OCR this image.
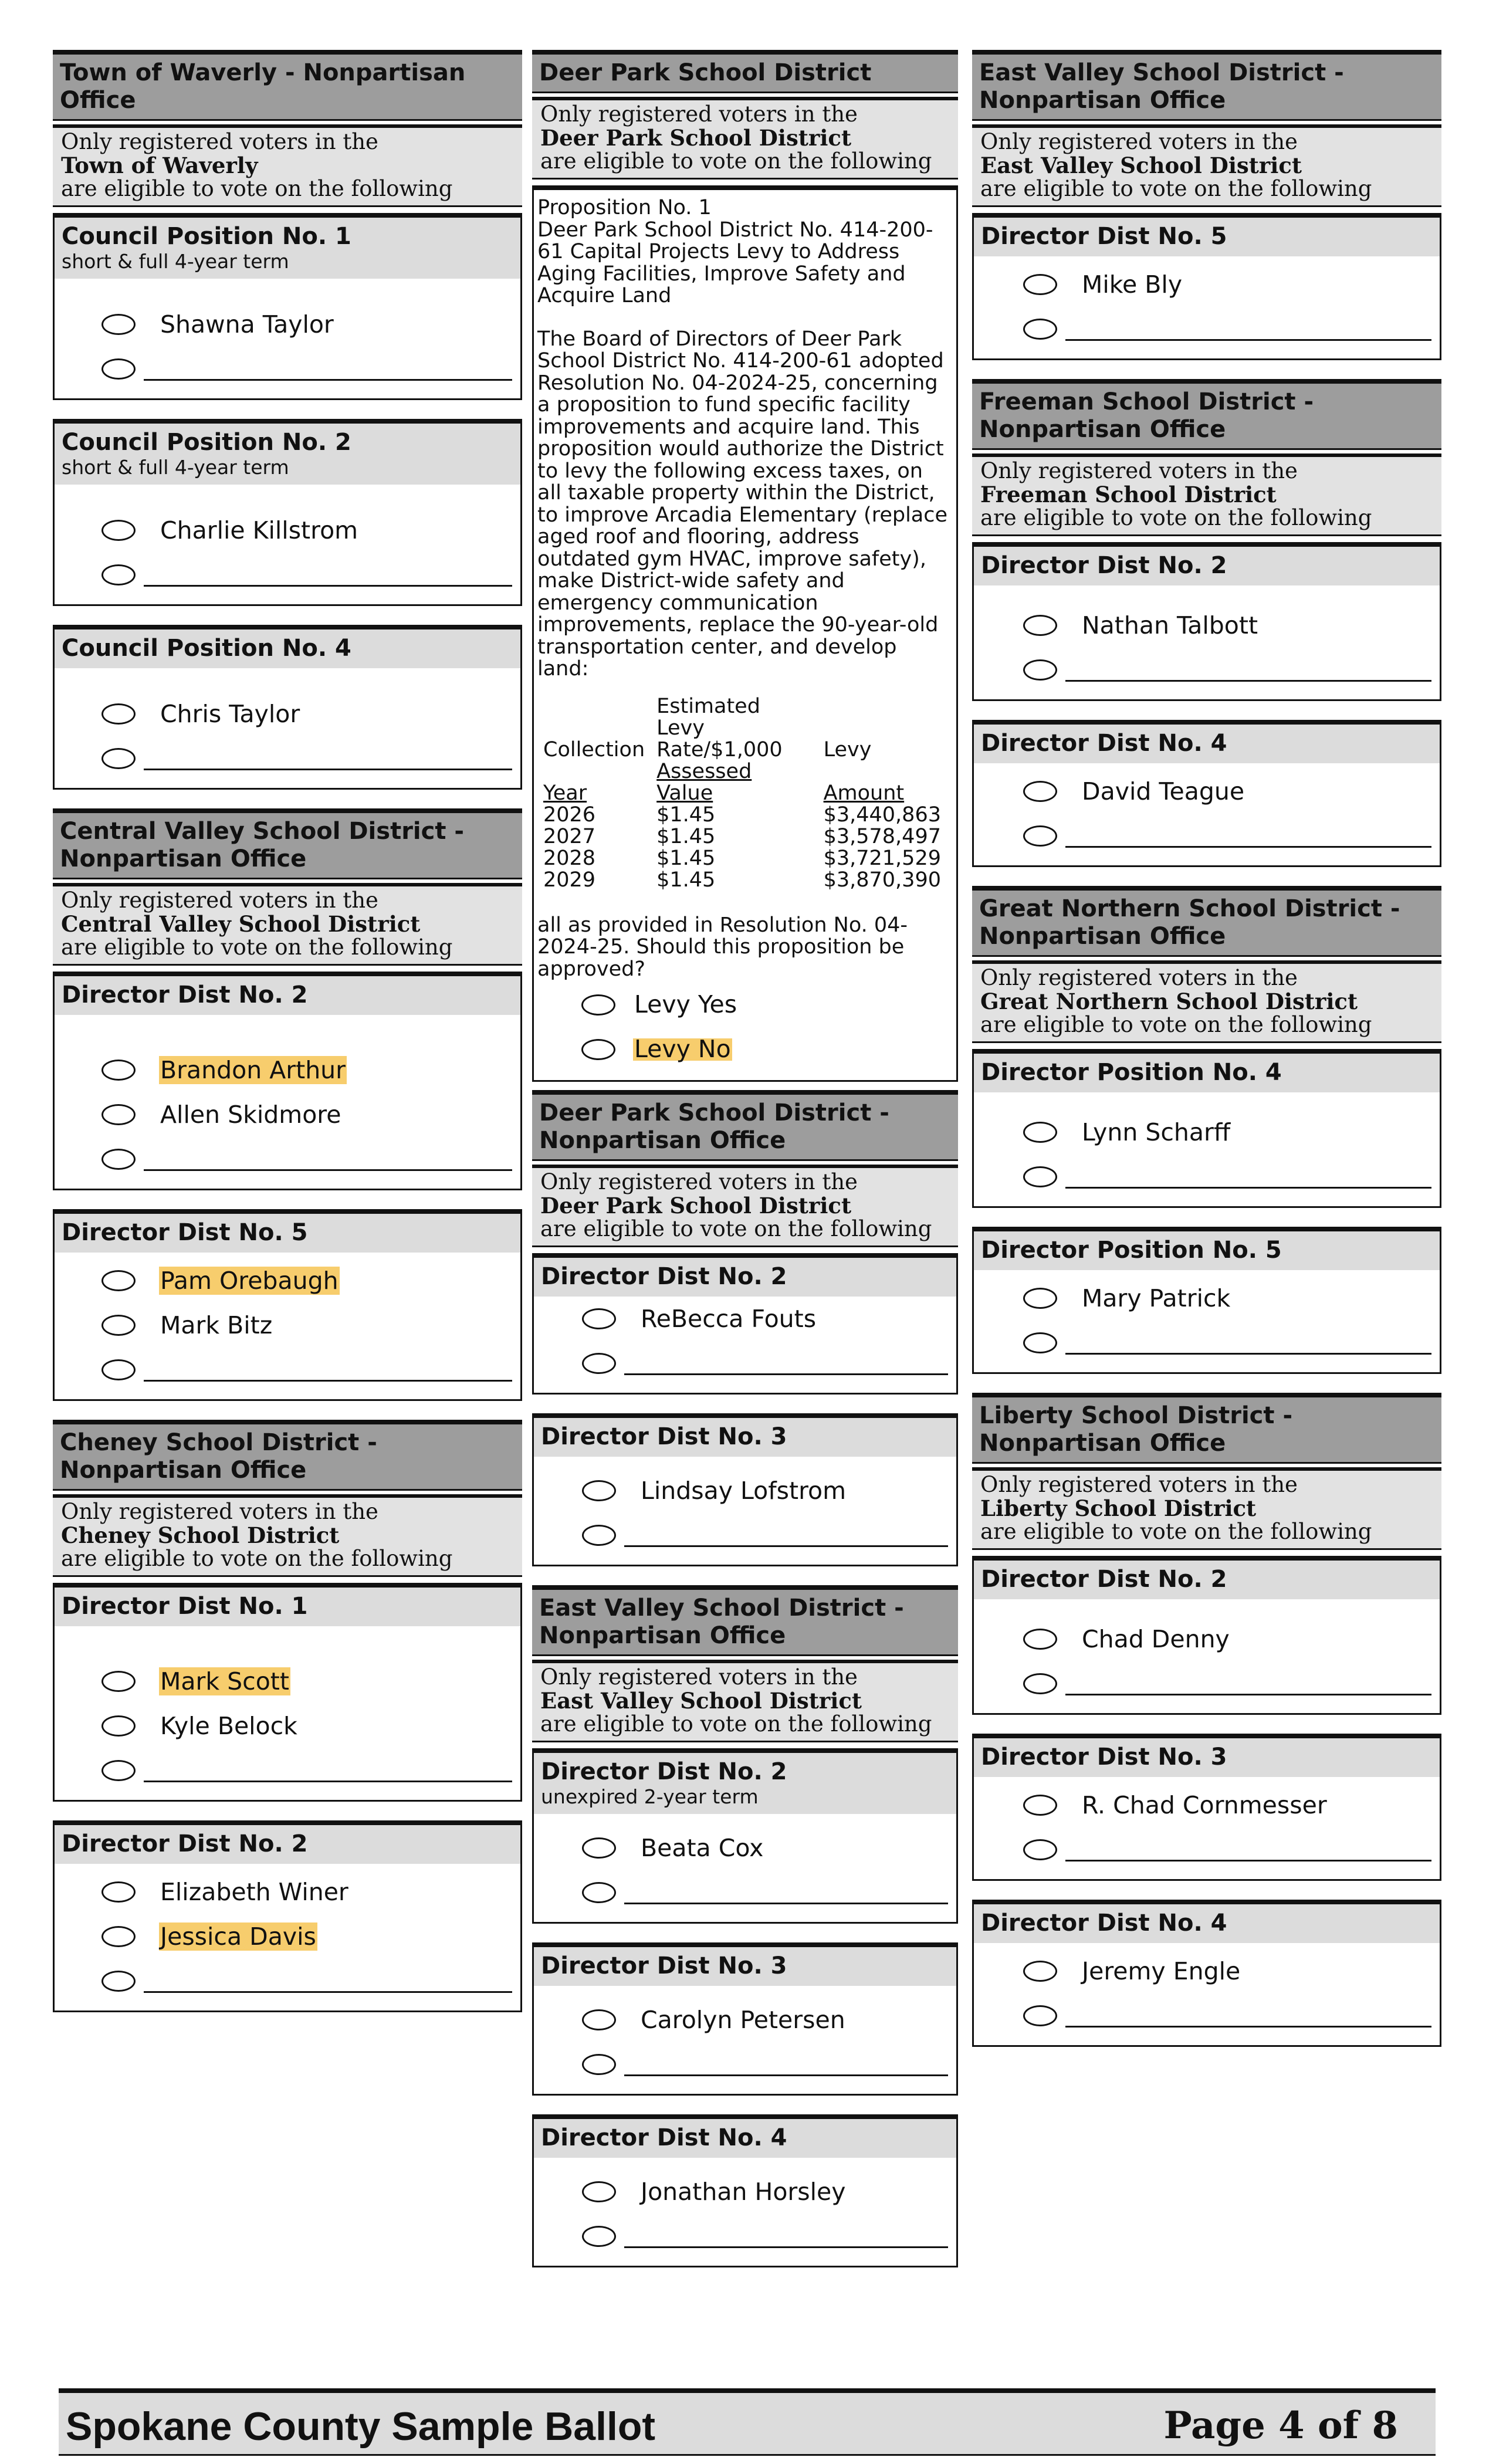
Town of Waverly - Nonpartisan Office
Only registered voters in the
Town of Waverly
are eligible to vote on the following
Council Position No. 1
short & full 4-year term
Shawna Taylor
Council Position No. 2
short & full 4-year term
Charlie Killstrom
Council Position No. 4
Chris Taylor
Central Valley School District - Nonpartisan Office
Only registered voters in the
Central Valley School District
are eligible to vote on the following
Director Dist No. 2
Brandon Arthur
Allen Skidmore
Director Dist No. 5
Pam Orebaugh
Mark Bitz
Cheney School District - Nonpartisan Office
Only registered voters in the
Cheney School District
are eligible to vote on the following
Director Dist No. 1
Mark Scott
Kyle Belock
Director Dist No. 2
Elizabeth Winer
Jessica Davis
Deer Park School District
Only registered voters in the
Deer Park School District
are eligible to vote on the following

Proposition No. 1

Deer Park School District No. 414-200-61 Capital Projects Levy to Address Aging Facilities, Improve Safety and Acquire Land

The Board of Directors of Deer Park School District No. 414-200-61 adopted Resolution No. 04-2024-25, concerning a proposition to fund specific facility improvements and acquire land. This proposition would authorize the District to levy the following excess taxes, on all taxable property within the District, to improve Arcadia Elementary (replace aged roof and flooring, address outdated gym HVAC, improve safety), make District-wide safety and emergency communication improvements, replace the 90-year-old transportation center, and develop land:

	Estimated Levy	
Collection	Rate/$1,000	Levy
Year	Assessed Value	Amount
2026	$1.45	$3,440,863
2027	$1.45	$3,578,497
2028	$1.45	$3,721,529
2029	$1.45	$3,870,390

all as provided in Resolution No. 04-2024-25. Should this proposition be approved?

Levy Yes
Levy No
Deer Park School District - Nonpartisan Office
Only registered voters in the
Deer Park School District
are eligible to vote on the following
Director Dist No. 2
ReBecca Fouts
Director Dist No. 3
Lindsay Lofstrom
East Valley School District - Nonpartisan Office
Only registered voters in the
East Valley School District
are eligible to vote on the following
Director Dist No. 2
unexpired 2-year term
Beata Cox
Director Dist No. 3
Carolyn Petersen
Director Dist No. 4
Jonathan Horsley
East Valley School District - Nonpartisan Office
Only registered voters in the
East Valley School District
are eligible to vote on the following
Director Dist No. 5
Mike Bly
Freeman School District - Nonpartisan Office
Only registered voters in the
Freeman School District
are eligible to vote on the following
Director Dist No. 2
Nathan Talbott
Director Dist No. 4
David Teague
Great Northern School District - Nonpartisan Office
Only registered voters in the
Great Northern School District
are eligible to vote on the following
Director Position No. 4
Lynn Scharff
Director Position No. 5
Mary Patrick
Liberty School District - Nonpartisan Office
Only registered voters in the
Liberty School District
are eligible to vote on the following
Director Dist No. 2
Chad Denny
Director Dist No. 3
R. Chad Cornmesser
Director Dist No. 4
Jeremy Engle
Spokane County Sample Ballot	Page 4 of 8
